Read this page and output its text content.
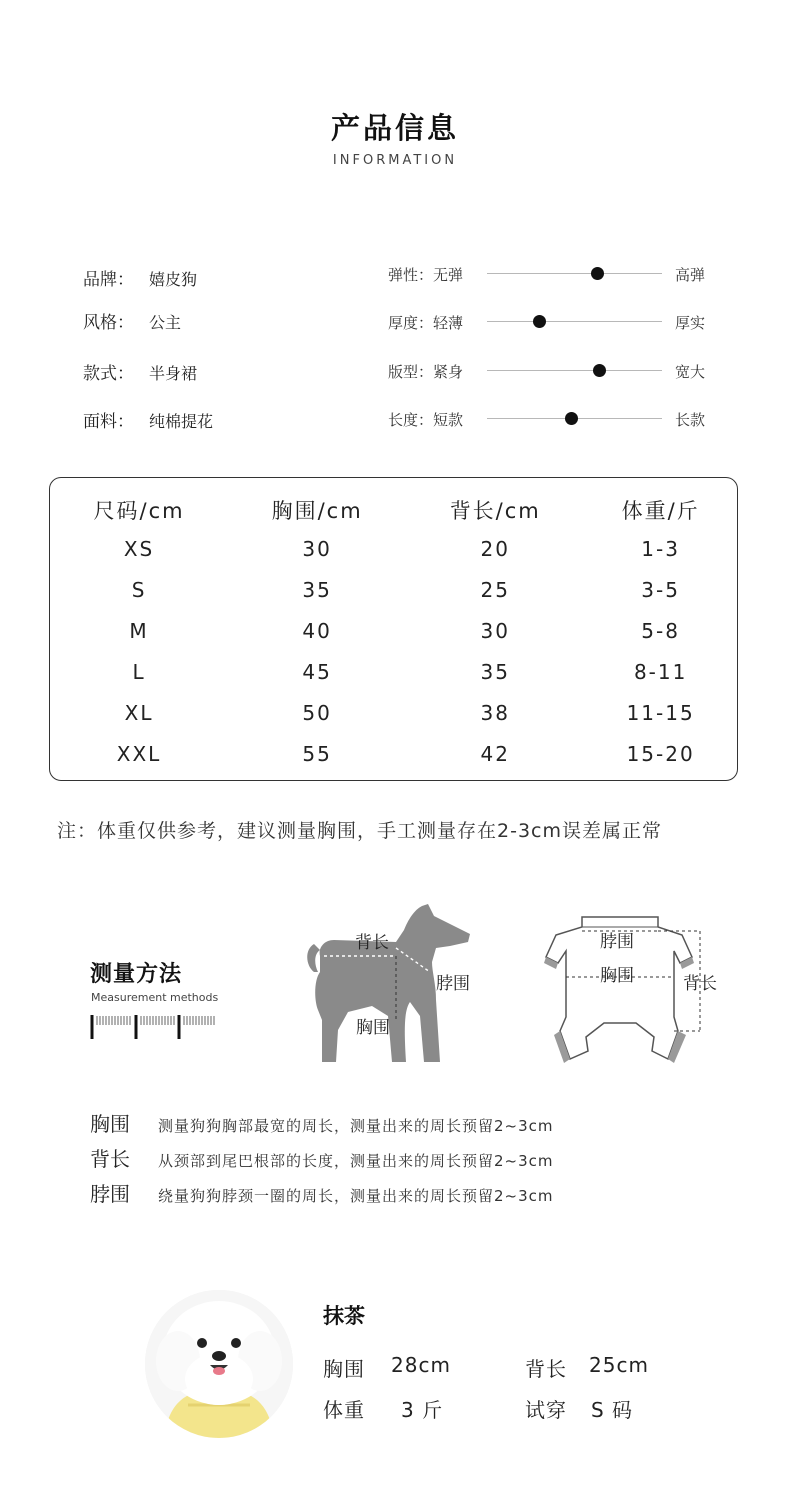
产品信息
INFORMATION
品牌： 嬉皮狗
风格： 公主
款式： 半身裙
面料： 纯棉提花
弹性：无弹	高弹
厚度：轻薄	厚实
版型：紧身	宽大
长度：短款	长款
尺码/cm	胸围/cm	背长/cm	体重/斤
XS	30	20	1-3
S	35	25	3-5
M	40	30	5-8
L	45	35	8-11
XL	50	38	11-15
XXL	55	42	15-20
注：体重仅供参考，建议测量胸围，手工测量存在2-3cm误差属正常
测量方法
Measurement methods
背长
脖围
胸围
脖围
胸围	背长
胸围 测量狗狗胸部最宽的周长，测量出来的周长预留2~3cm
背长 从颈部到尾巴根部的长度，测量出来的周长预留2~3cm
脖围 绕量狗狗脖颈一圈的周长，测量出来的周长预留2~3cm
抹茶
胸围 28cm	背长 25cm
体重 3 斤	试穿 S 码
